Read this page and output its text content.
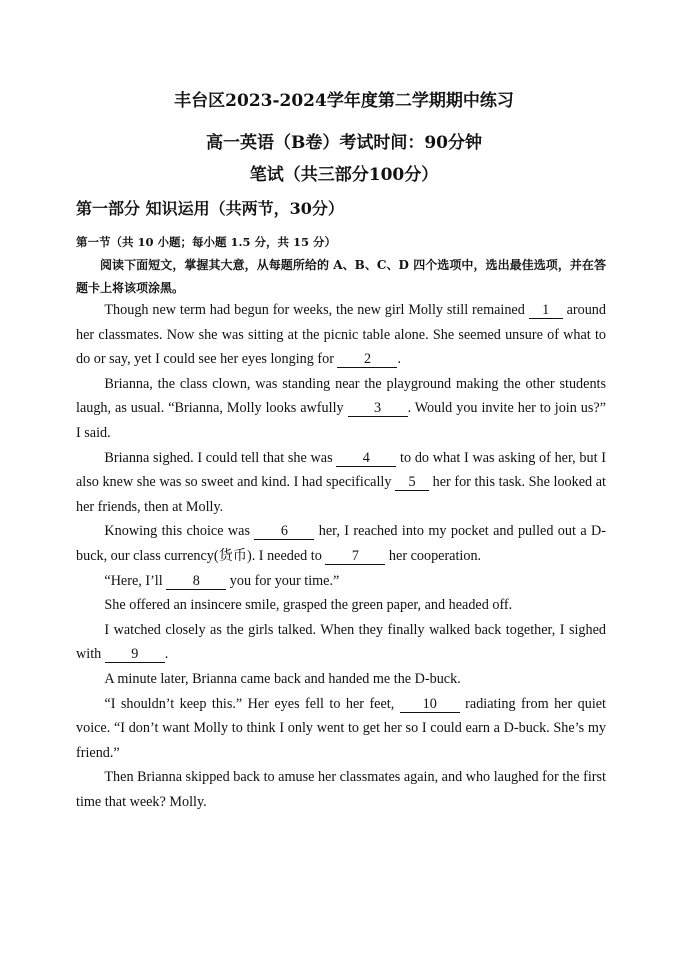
丰台区2023-2024学年度第二学期期中练习
高一英语（B卷）考试时间：90分钟
笔试（共三部分100分）
第一部分 知识运用（共两节，30分）
第一节（共 10 小题；每小题 1.5 分，共 15 分）
阅读下面短文，掌握其大意，从每题所给的 A、B、C、D 四个选项中，选出最佳选项，并在答题卡上将该项涂黑。

Though new term had begun for weeks, the new girl Molly still remained 1 around her classmates. Now she was sitting at the picnic table alone. She seemed unsure of what to do or say, yet I could see her eyes longing for 2 .

Brianna, the class clown, was standing near the playground making the other students laugh, as usual. “Brianna, Molly looks awfully 3 . Would you invite her to join us?” I said.

Brianna sighed. I could tell that she was 4 to do what I was asking of her, but I also knew she was so sweet and kind. I had specifically 5 her for this task. She looked at her friends, then at Molly.

Knowing this choice was 6 her, I reached into my pocket and pulled out a D-buck, our class currency(货币). I needed to 7 her cooperation.

“Here, I’ll 8 you for your time.”

She offered an insincere smile, grasped the green paper, and headed off.

I watched closely as the girls talked. When they finally walked back together, I sighed with 9 .

A minute later, Brianna came back and handed me the D-buck.

“I shouldn’t keep this.” Her eyes fell to her feet, 10 radiating from her quiet voice. “I don’t want Molly to think I only went to get her so I could earn a D-buck. She’s my friend.”

Then Brianna skipped back to amuse her classmates again, and who laughed for the first time that week? Molly.
